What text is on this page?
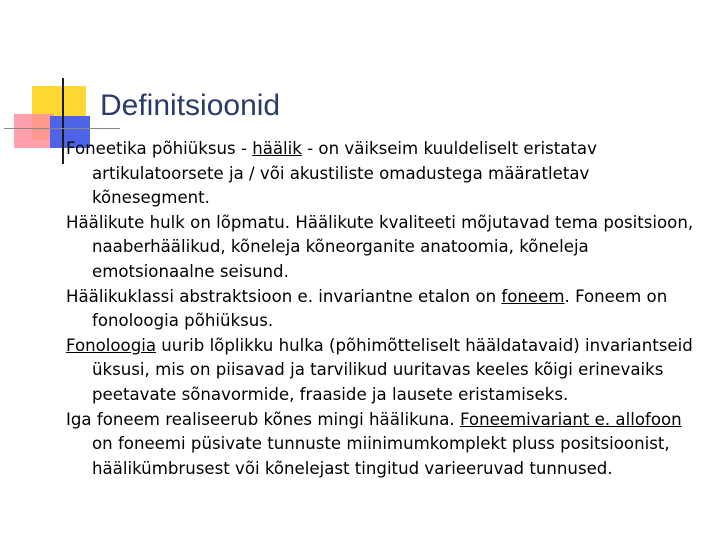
Definitsioonid

Foneetika põhiüksus - häälik - on väikseim kuuldeliselt eristatav artikulatoorsete ja / või akustiliste omadustega määratletav kõnesegment.

Häälikute hulk on lõpmatu. Häälikute kvaliteeti mõjutavad tema positsioon, naaberhäälikud, kõneleja kõneorganite anatoomia, kõneleja emotsionaalne seisund.

Häälikuklassi abstraktsioon e. invariantne etalon on foneem. Foneem on fonoloogia põhiüksus.

Fonoloogia uurib lõplikku hulka (põhimõtteliselt hääldatavaid) invariantseid üksusi, mis on piisavad ja tarvilikud uuritavas keeles kõigi erinevaiks peetavate sõnavormide, fraaside ja lausete eristamiseks.

Iga foneem realiseerub kõnes mingi häälikuna. Foneemivariant e. allofoon on foneemi püsivate tunnuste miinimumkomplekt pluss positsioonist, häälikümbrusest või kõnelejast tingitud varieeruvad tunnused.
